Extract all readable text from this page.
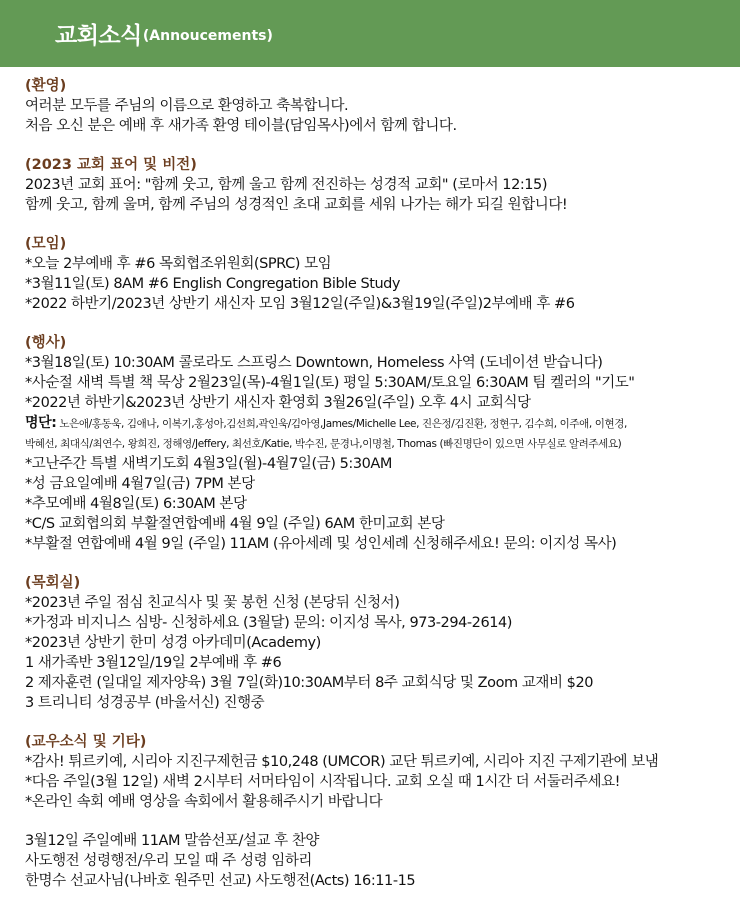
교회소식 (Annoucements)
(환영)
여러분 모두를 주님의 이름으로 환영하고 축복합니다.
처음 오신 분은 예배 후 새가족 환영 테이블(담임목사)에서 함께 합니다.
(2023 교회 표어 및 비전)
2023년 교회 표어: "함께 웃고, 함께 울고 함께 전진하는 성경적 교회" (로마서 12:15)
함께 웃고, 함께 울며, 함께 주님의 성경적인 초대 교회를 세워 나가는 해가 되길 원합니다!
(모임)
*오늘 2부예배 후 #6 목회협조위원회(SPRC) 모임
*3월11일(토) 8AM #6 English Congregation Bible Study
*2022 하반기/2023년 상반기 새신자 모임 3월12일(주일)&3월19일(주일)2부예배 후 #6
(행사)
*3월18일(토) 10:30AM 콜로라도 스프링스 Downtown, Homeless 사역 (도네이션 받습니다)
*사순절 새벽 특별 책 묵상 2월23일(목)-4월1일(토) 평일 5:30AM/토요일 6:30AM 팀 켈러의 "기도"
*2022년 하반기&2023년 상반기 새신자 환영회 3월26일(주일) 오후 4시 교회식당
명단: 노은애/홍동욱, 김애나, 이복기,홍성아,김선희,곽인욱/김아영,James/Michelle Lee, 진은정/김진환, 정현구, 김수희, 이주애, 이현경,
박혜선, 최대식/최연수, 왕희진, 정해영/Jeffery, 최선호/Katie, 박수진, 문경나,이명철, Thomas (빠진명단이 있으면 사무실로 알려주세요)
*고난주간 특별 새벽기도회 4월3일(월)-4월7일(금) 5:30AM
*성 금요일예배 4월7일(금) 7PM 본당
*추모예배 4월8일(토) 6:30AM 본당
*C/S 교회협의회 부활절연합예배 4월 9일 (주일) 6AM 한미교회 본당
*부활절 연합예배 4월 9일 (주일) 11AM (유아세례 및 성인세례 신청해주세요! 문의: 이지성 목사)
(목회실)
*2023년 주일 점심 친교식사 및 꽃 봉헌 신청 (본당뒤 신청서)
*가정과 비지니스 심방- 신청하세요 (3월달) 문의: 이지성 목사, 973-294-2614)
*2023년 상반기 한미 성경 아카데미(Academy)
1 새가족반 3월12일/19일 2부예배 후 #6
2 제자훈련 (일대일 제자양육) 3월 7일(화)10:30AM부터 8주 교회식당 및 Zoom 교재비 $20
3 트리니티 성경공부 (바울서신) 진행중
(교우소식 및 기타)
*감사! 튀르키예, 시리아 지진구제헌금 $10,248 (UMCOR) 교단 튀르키예, 시리아 지진 구제기관에 보냄
*다음 주일(3월 12일) 새벽 2시부터 서머타임이 시작됩니다. 교회 오실 때 1시간 더 서둘러주세요!
*온라인 속회 예배 영상을 속회에서 활용해주시기 바랍니다
3월12일 주일예배 11AM 말씀선포/설교 후 찬양
사도행전 성령행전/우리 모일 때 주 성령 임하리
한명수 선교사님(나바호 원주민 선교) 사도행전(Acts) 16:11-15
